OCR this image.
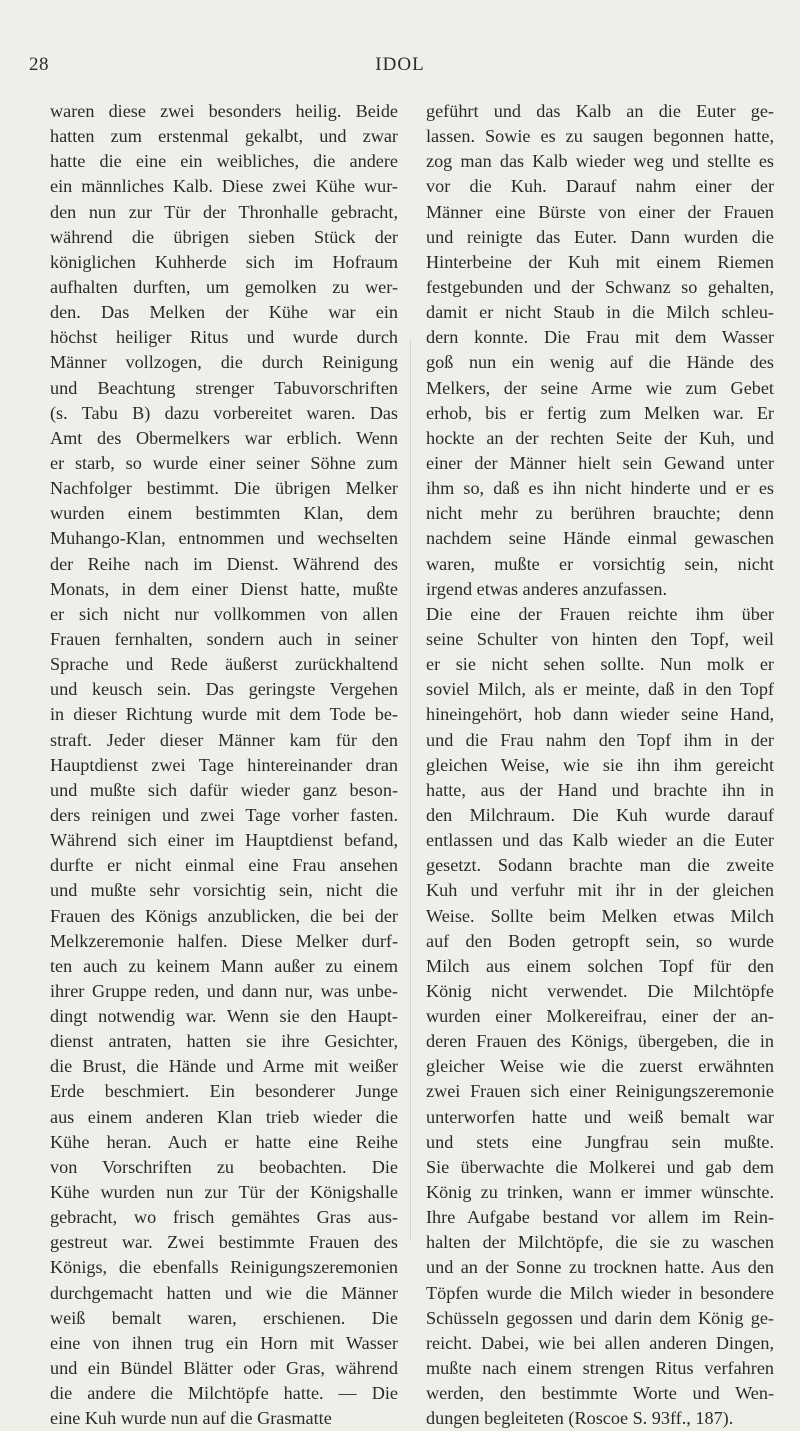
28	IDOL
waren diese zwei besonders heilig. Beide
hatten zum erstenmal gekalbt, und zwar
hatte die eine ein weibliches, die andere
ein männliches Kalb. Diese zwei Kühe wur-
den nun zur Tür der Thronhalle gebracht,
während die übrigen sieben Stück der
königlichen Kuhherde sich im Hofraum
aufhalten durften, um gemolken zu wer-
den. Das Melken der Kühe war ein
höchst heiliger Ritus und wurde durch
Männer vollzogen, die durch Reinigung
und Beachtung strenger Tabuvorschriften
(s. Tabu B) dazu vorbereitet waren. Das
Amt des Obermelkers war erblich. Wenn
er starb, so wurde einer seiner Söhne zum
Nachfolger bestimmt. Die übrigen Melker
wurden einem bestimmten Klan, dem
Muhango-Klan, entnommen und wechselten
der Reihe nach im Dienst. Während des
Monats, in dem einer Dienst hatte, mußte
er sich nicht nur vollkommen von allen
Frauen fernhalten, sondern auch in seiner
Sprache und Rede äußerst zurückhaltend
und keusch sein. Das geringste Vergehen
in dieser Richtung wurde mit dem Tode be-
straft. Jeder dieser Männer kam für den
Hauptdienst zwei Tage hintereinander dran
und mußte sich dafür wieder ganz beson-
ders reinigen und zwei Tage vorher fasten.
Während sich einer im Hauptdienst befand,
durfte er nicht einmal eine Frau ansehen
und mußte sehr vorsichtig sein, nicht die
Frauen des Königs anzublicken, die bei der
Melkzeremonie halfen. Diese Melker durf-
ten auch zu keinem Mann außer zu einem
ihrer Gruppe reden, und dann nur, was unbe-
dingt notwendig war. Wenn sie den Haupt-
dienst antraten, hatten sie ihre Gesichter,
die Brust, die Hände und Arme mit weißer
Erde beschmiert. Ein besonderer Junge
aus einem anderen Klan trieb wieder die
Kühe heran. Auch er hatte eine Reihe
von Vorschriften zu beobachten. Die
Kühe wurden nun zur Tür der Königshalle
gebracht, wo frisch gemähtes Gras aus-
gestreut war. Zwei bestimmte Frauen des
Königs, die ebenfalls Reinigungszeremonien
durchgemacht hatten und wie die Männer
weiß bemalt waren, erschienen. Die
eine von ihnen trug ein Horn mit Wasser
und ein Bündel Blätter oder Gras, während
die andere die Milchtöpfe hatte. — Die
eine Kuh wurde nun auf die Grasmatte
geführt und das Kalb an die Euter ge-
lassen. Sowie es zu saugen begonnen hatte,
zog man das Kalb wieder weg und stellte es
vor die Kuh. Darauf nahm einer der
Männer eine Bürste von einer der Frauen
und reinigte das Euter. Dann wurden die
Hinterbeine der Kuh mit einem Riemen
festgebunden und der Schwanz so gehalten,
damit er nicht Staub in die Milch schleu-
dern konnte. Die Frau mit dem Wasser
goß nun ein wenig auf die Hände des
Melkers, der seine Arme wie zum Gebet
erhob, bis er fertig zum Melken war. Er
hockte an der rechten Seite der Kuh, und
einer der Männer hielt sein Gewand unter
ihm so, daß es ihn nicht hinderte und er es
nicht mehr zu berühren brauchte; denn
nachdem seine Hände einmal gewaschen
waren, mußte er vorsichtig sein, nicht
irgend etwas anderes anzufassen.
Die eine der Frauen reichte ihm über
seine Schulter von hinten den Topf, weil
er sie nicht sehen sollte. Nun molk er
soviel Milch, als er meinte, daß in den Topf
hineingehört, hob dann wieder seine Hand,
und die Frau nahm den Topf ihm in der
gleichen Weise, wie sie ihn ihm gereicht
hatte, aus der Hand und brachte ihn in
den Milchraum. Die Kuh wurde darauf
entlassen und das Kalb wieder an die Euter
gesetzt. Sodann brachte man die zweite
Kuh und verfuhr mit ihr in der gleichen
Weise. Sollte beim Melken etwas Milch
auf den Boden getropft sein, so wurde
Milch aus einem solchen Topf für den
König nicht verwendet. Die Milchtöpfe
wurden einer Molkereifrau, einer der an-
deren Frauen des Königs, übergeben, die in
gleicher Weise wie die zuerst erwähnten
zwei Frauen sich einer Reinigungszeremonie
unterworfen hatte und weiß bemalt war
und stets eine Jungfrau sein mußte.
Sie überwachte die Molkerei und gab dem
König zu trinken, wann er immer wünschte.
Ihre Aufgabe bestand vor allem im Rein-
halten der Milchtöpfe, die sie zu waschen
und an der Sonne zu trocknen hatte. Aus den
Töpfen wurde die Milch wieder in besondere
Schüsseln gegossen und darin dem König ge-
reicht. Dabei, wie bei allen anderen Dingen,
mußte nach einem strengen Ritus verfahren
werden, den bestimmte Worte und Wen-
dungen begleiteten (Roscoe S. 93ff., 187).
